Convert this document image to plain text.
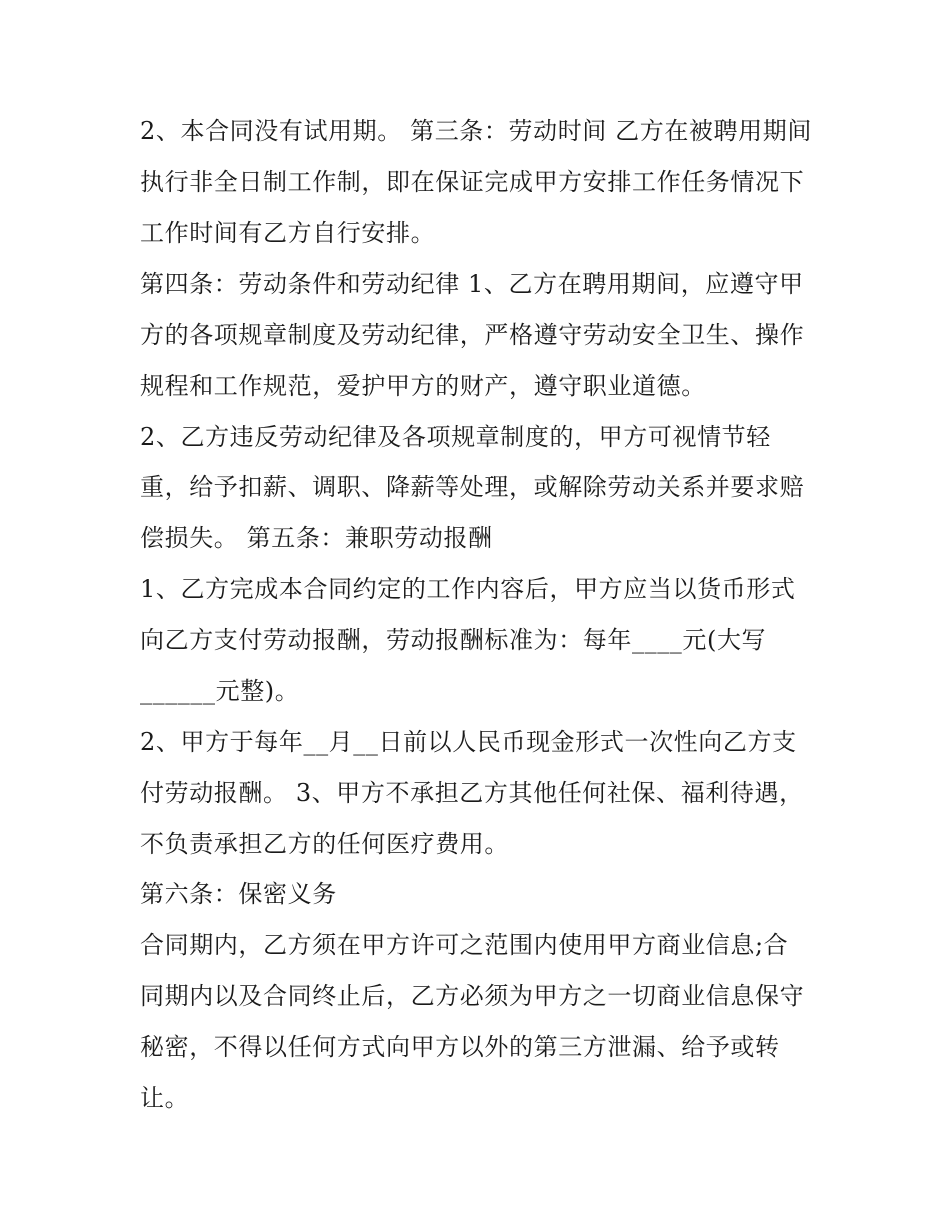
2、本合同没有试用期。 第三条：劳动时间 乙方在被聘用期间

执行非全日制工作制，即在保证完成甲方安排工作任务情况下

工作时间有乙方自行安排。

第四条：劳动条件和劳动纪律 1、乙方在聘用期间，应遵守甲

方的各项规章制度及劳动纪律，严格遵守劳动安全卫生、操作

规程和工作规范，爱护甲方的财产，遵守职业道德。

2、乙方违反劳动纪律及各项规章制度的，甲方可视情节轻

重，给予扣薪、调职、降薪等处理，或解除劳动关系并要求赔

偿损失。 第五条：兼职劳动报酬

1、乙方完成本合同约定的工作内容后，甲方应当以货币形式

向乙方支付劳动报酬，劳动报酬标准为：每年____元(大写

______元整)。

2、甲方于每年__月__日前以人民币现金形式一次性向乙方支

付劳动报酬。 3、甲方不承担乙方其他任何社保、福利待遇，

不负责承担乙方的任何医疗费用。

第六条：保密义务

合同期内，乙方须在甲方许可之范围内使用甲方商业信息;合

同期内以及合同终止后，乙方必须为甲方之一切商业信息保守

秘密，不得以任何方式向甲方以外的第三方泄漏、给予或转

让。
